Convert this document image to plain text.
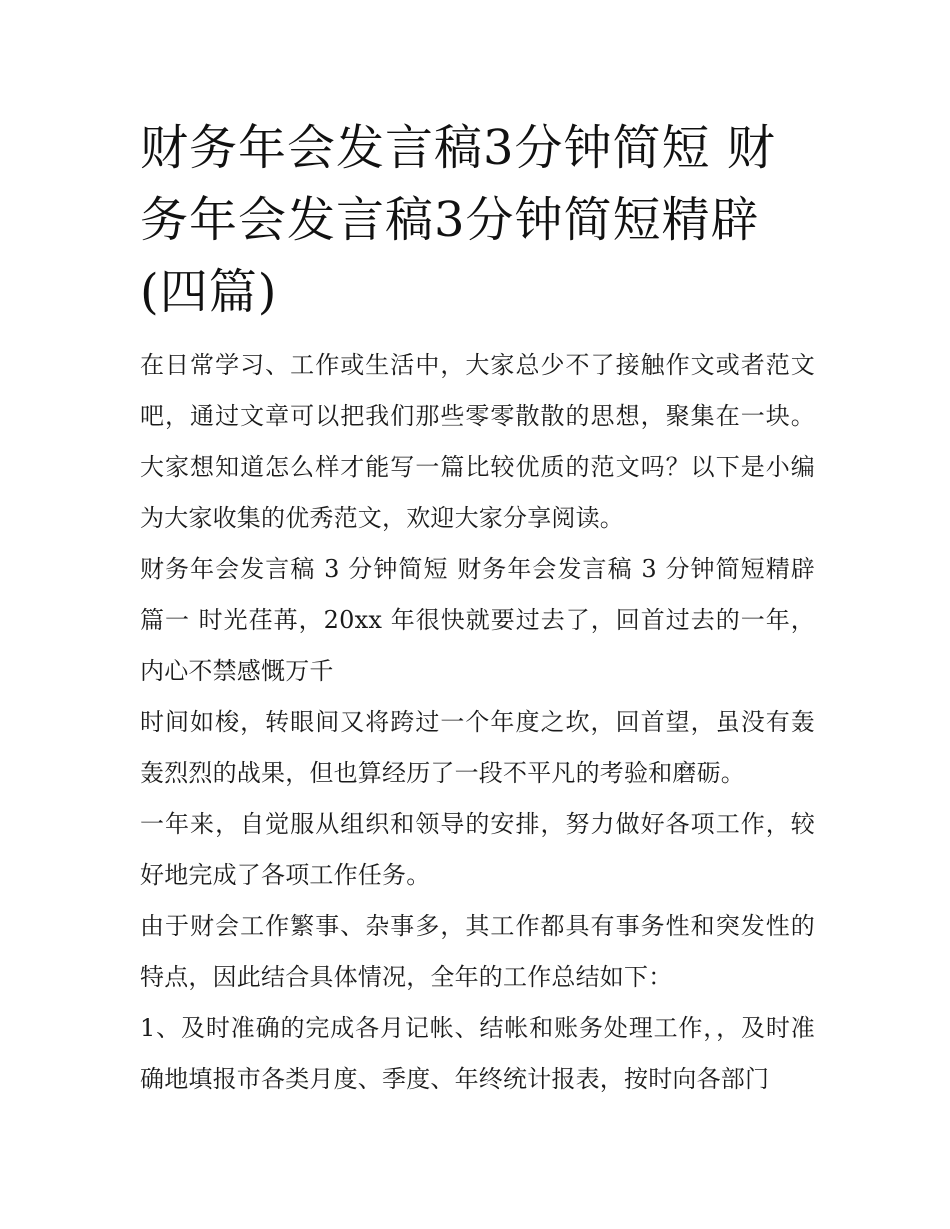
财务年会发言稿3分钟简短 财务年会发言稿3分钟简短精辟(四篇)

在日常学习、工作或生活中，大家总少不了接触作文或者范文吧，通过文章可以把我们那些零零散散的思想，聚集在一块。大家想知道怎么样才能写一篇比较优质的范文吗？以下是小编为大家收集的优秀范文，欢迎大家分享阅读。

财务年会发言稿 3 分钟简短 财务年会发言稿 3 分钟简短精辟篇一 时光荏苒，20xx 年很快就要过去了，回首过去的一年，内心不禁感慨万千

时间如梭，转眼间又将跨过一个年度之坎，回首望，虽没有轰轰烈烈的战果，但也算经历了一段不平凡的考验和磨砺。

一年来，自觉服从组织和领导的安排，努力做好各项工作，较好地完成了各项工作任务。

由于财会工作繁事、杂事多，其工作都具有事务性和突发性的特点，因此结合具体情况，全年的工作总结如下：

1、及时准确的完成各月记帐、结帐和账务处理工作，，及时准确地填报市各类月度、季度、年终统计报表，按时向各部门
